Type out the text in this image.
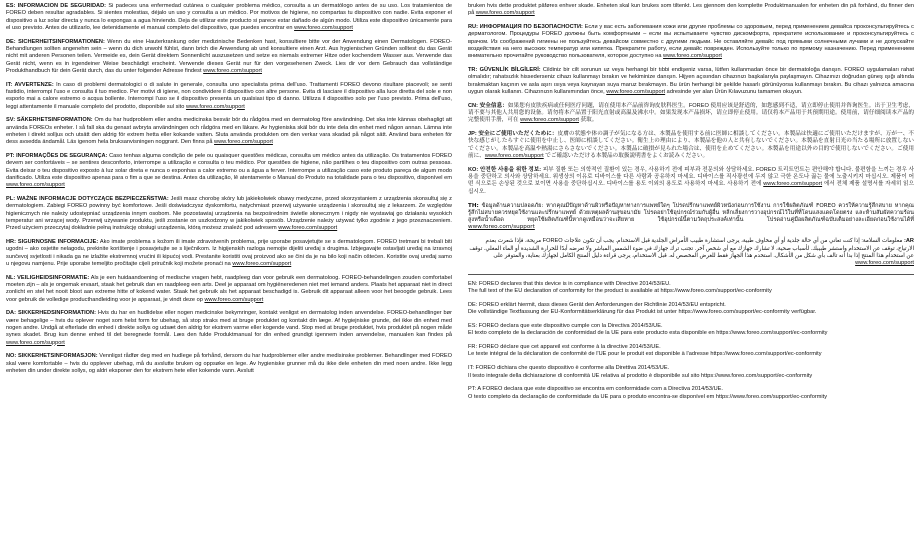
ES: INFORMACIÓN DE SEGURIDAD: Si padeces una enfermedad cutánea o cualquier problema médico, consulta a un dermatólogo antes de su uso. Los tratamientos de FOREO deben resultar agradables. Si sientes molestias, déjalo un uso y consulta a un médico. Por motivos de higiene, no compartas tu dispositivo con nadie. Evita exponer el dispositivo a luz solar directa y nunca lo expongas a agua hirviendo. Deja de utilizar este producto si parece estar dañado de algún modo. Utiliza este dispositivo únicamente para el uso previsto. Antes de utilizarlo, lee detenidamente el manual completo del dispositivo, que puedes encontrar en www.foreo.com/support

DE: SICHERHEITSINFORMATIONEN: Wenn du eine Hauterkrankung oder medizinische Bedenken hast, konsultiere bitte vor der Anwendung einen Dermatologen. FOREO-Behandlungen sollten angenehm sein – wenn du dich unwohl fühlst, dann brich die Anwendung ab und konsultiere einen Arzt. Aus hygienischen Gründen solltest du das Gerät nicht mit anderen Personen teilen. Vermeide es, dein Gerät direktem Sonnenlicht auszusetzen und setze es niemals extremer Hitze oder kochendem Wasser aus. Verwende das Gerät nicht, wenn es in irgendeiner Weise beschädigt erscheint. Verwende dieses Gerät nur für den vorgesehenen Zweck. Lies dir vor dem Gebrauch das vollständige Produkthandbuch für dein Gerät durch, das du unter folgender Adresse findest www.foreo.com/support

IT: AVVERTENZE: In caso di problemi dermatologici o di salute in generale, consulta uno specialista prima dell'uso. Trattamenti FOREO devono risultare piacevoli; se senti fastidio, interrompi l'uso e consulta il tuo medico. Per motivi di igiene, non condividere il dispositivo con altre persone. Evita di lasciare il dispositivo alla luce diretta del sole e non esporlo mai a calore estremo o acqua bollente. Interrompi l'uso se il dispositivo presenta un qualsiasi tipo di danno. Utilizza il dispositivo solo per l'uso previsto. Prima dell'uso, leggi attentamente il manuale completo del prodotto, disponibile sul sito www.foreo.com/support

SV: SÄKERHETSINFORMATION: Om du har hudproblem eller andra medicinska besvär bör du rådgöra med en dermatolog före användning. Det ska inte kännas obehagligt att använda FOREOs enheter. I så fall ska du genast avbryta användningen och rådgöra med en läkare. Av hygieniska skäl bör du inte dela din enhet med någon annan. Lämna inte enheten i direkt solljus och utsätt den aldrig för extrem hetta eller kokande vatten. Sluta använda produkten om den verkar vara skadad på något sätt. Använd bara enheten för dess avsedda ändamål. Läs igenom hela bruksanvisningen noggrant. Den finns på www.foreo.com/support

PT: INFORMAÇÕES DE SEGURANÇA: Caso tenhas alguma condição de pele ou quaisquer questões médicas, consulta um médico antes da utilização. Os tratamentos FOREO devem ser confortáveis – se sentires desconforto, interrompe a utilização e consulta o teu médico. Por questões de higiene, não partilhes o teu dispositivo com outras pessoas. Evita deixar o teu dispositivo exposto à luz solar direta e nunca o exponhas a calor extremo ou a água a ferver. Interrompe a utilização caso este produto pareça de algum modo danificado. Utiliza este dispositivo apenas para o fim a que se destina. Antes da utilização, lê atentamente o Manual do Produto na totalidade para o teu dispositivo, disponível em www.foreo.com/support

PL: WAŻNE INFORMACJE DOTYCZĄCE BEZPIECZEŃSTWA: Jeśli masz chorobę skóry lub jakiekolwiek obawy medyczne, przed skorzystaniem z urządzenia skonsultuj się z dermatologiem. Zabiegi FOREO powinny być komfortowe. Jeśli doświadczysz dyskomfortu, natychmiast przerwij używanie urządzenia i skonsultuj się z lekarzem. Ze względów higienicznych nie należy udostępniać urządzenia innym osobom. Nie pozostawiaj urządzenia na bezpośrednim świetle słonecznym i nigdy nie wystawiaj go działaniu wysokich temperatur ani wrzącej wody. Przerwij używanie produktu, jeśli zostanie on uszkodzony w jakikolwiek sposób. Urządzenie należy używać tylko zgodnie z jego przeznaczeniem. Przed użyciem przeczytaj dokładnie pełną instrukcję obsługi urządzenia, którą możesz znaleźć pod adresem www.foreo.com/support

HR: SIGURNOSNE INFORMACIJE: Ako imate problema s kožom ili imate zdravstvenih problema, prije uporabe posavjetujte se s dermatologom. FOREO tretmani bi trebali biti ugodni – ako osjetite nelagodu, prekinite korištenje i posavjetujte se s liječnikom. Iz higijenskih razloga nemojte dijeliti uređaj s drugima. Izbjegavajte ostavljati uređaj na izravnoj sunčevoj svjetlosti i nikada ga ne izlažite ekstremnoj vrućini ili kipućoj vodi. Prestanite koristiti ovaj proizvod ako se čini da je na bilo koji način oštećen. Koristite ovaj uređaj samo u njegovu namjenu. Prije uporabe temeljito pročitajte cijeli priručnik koji možete pronaći na www.foreo.com/support

NL: VEILIGHEIDSINFORMATIE: Als je een huidaandoening of medische vragen hebt, raadpleeg dan voor gebruik een dermatoloog. FOREO-behandelingen zouden comfortabel moeten zijn – als je ongemak ervaart, staak het gebruik dan en raadpleeg een arts. Deel je apparaat om hygiëneredenen niet met iemand anders. Plaats het apparaat niet in direct zonlicht en stel het nooit bloot aan extreme hitte of kokend water. Staak het gebruik als het apparaat beschadigd is. Gebruik dit apparaat alleen voor het beoogde gebruik. Lees voor gebruik de volledige producthandleiding voor je apparaat, je vindt deze op www.foreo.com/support

DA: SIKKERHEDSINFORMATION: Hvis du har en hudlidelse eller nogen medicinske bekymringer, kontakt venligst en dermatolog inden anvendelse. FOREO-behandlinger bør være behagelige – hvis du oplever noget som helst form for ubehag, så stop straks med at bruge produktet og kontakt din læge. Af hygiejniske grunde, del ikke din enhed med nogen andre. Undgå at efterlade din enhed i direkte sollys og udsæt den aldrig for ekstrem varme eller kogende vand. Stop med at bruge produktet, hvis produktet på nogen måde synes skadet. Brug kun denne enhed til det beregnede formål. Læs den fulde Produktmanual for din enhed grundigt igennem inden anvendelse, manualen kan findes på www.foreo.com/support

NO: SIKKERHETSINFORMASJON: Vennligst rådfør deg med en hudlege på forhånd, dersom du har hudproblemer eller andre medisinske problemer. Behandlinger med FOREO skal være komfortable – hvis du opplever ubehag, må du avslutte bruken og oppsøke en lege. Av hygieniske grunner må du ikke dele enheten din med noen andre. Ikke legg enheten din under direkte sollys, og aldri eksponer den for ekstrem hete eller kokende vann. Avslutt

bruken hvis dette produktet påføres enhver skade. Enheten skal kun brukes som tiltenkt. Les gjennom den komplette Produktmanualen for enheten din på forhånd, du finner den på www.foreo.com/support

RU: ИНФОРМАЦИЯ ПО БЕЗОПАСНОСТИ: Если у вас есть заболевания кожи или другие проблемы со здоровьем, перед применением девайса проконсультируйтесь с дерматологом. Процедуры FOREO должны быть комфортными – если вы испытываете чувство дискомфорта, прекратите использование и проконсультируйтесь с врачом. Из соображений гигиены не пользуйтесь девайсом совместно с другими людьми. Не оставляйте девайс под прямыми солнечными лучами и не допускайте воздействия на него высоких температур или кипятка. Прекратите работу, если девайс поврежден. Используйте только по прямому назначению. Перед применением внимательно прочитайте руководство пользователя, которое доступно на www.foreo.com/support

TR: GÜVENLİK BİLGİLERİ: Cildiniz bir cilt sorunun uz veya herhangi bir tıbbi endişeniz varsa, lütfen kullanmadan önce bir dermatoloğa danışın. FOREO uygulamaları rahat olmalıdır; rahatsızlık hissederseniz cihazı kullanmayı bırakın ve hekiminize danışın. Hijyen açısından cihazınızı başkalarıyla paylaşmayın. Cihazınızı doğrudan güneş ışığı altında bırakmaktan kaçının ve asla aşırı ısıya veya kaynayan suya maruz bırakmayın. Bu ürün herhangi bir şekilde hasarlı görünüyorsa kullanmayı bırakın. Bu cihazı yalnızca amacına uygun olarak kullanın. Cihazınızın kullanımından önce, www.foreo.com/support adresinde yer alan Ürün Kılavuzunu tamamen okuyun.

CN: 安全信息：如果您有皮肤疾病或任何医疗问题，请在使用本产品前咨询皮肤科医生。FOREO 使用应该是舒适的，如您感到不适，请立即停止使用并咨询医生。出于卫生考虑，请不要与其他人共用您的设备。请勿将本产品置于阳光直射或高温及沸水中。如果发现本产品损坏，请立即停止使用。请仅将本产品用于其预期用途。使用前，请仔细阅读本产品的完整使用手册，可在 www.foreo.com/support 获取。

JP: 安全にご使用いただくために：皮膚の状態や体の調子が気になる方は、本製品を使用する前に医師に相談してください。本製品は快適にご使用いただけますが、万が一、不快な感じがしたらすぐに使用を中止し、医師に相談してください。衛生上の理由により、本製品を他の人と共有しないでください。本製品を直射日光の当たる場所に放置しないでください。本製品を高温や熱湯にさらさないでください。本製品に破損が見られた場合は、使用を止めてください。本製品を用途以外の目的で使用しないでください。ご使用前に、www.foreo.com/support でご確認いただける本製品の取扱説明書をよくお読みください。

KO: 안전한 사용을 위한 정보: 피부 질환 또는 의학적인 질환이 있는 경우, 사용하기 전에 피부과 전문의와 상담하세요. FOREO 트리트먼트는 편안해야 합니다. 불편함을 느끼는 경우 사용을 중단하고 의사와 상담하세요. 위생상의 이유로 디바이스를 다른 사람과 공유하지 마세요. 디바이스를 직사광선에 두지 않고 극한 온도나 끓는 물에 노출시키지 마십시오. 제품이 어떤 식으로든 손상된 것으로 보이면 사용을 중단하십시오. 디바이스를 용도 이외의 용도로 사용하지 마세요. 사용하기 전에 www.foreo.com/support 에서 전체 제품 설명서를 자세히 읽으십시오.

TH: ข้อมูลด้านความปลอดภัย: หากคุณมีปัญหาด้านผิวหรือปัญหาทางการแพทย์ใดๆ โปรดปรึกษาแพทย์ผิวหนังก่อนการใช้งาน การใช้ผลิตภัณฑ์ FOREO ควรให้ความรู้สึกสบาย หากคุณรู้สึกไม่สบายควรหยุดใช้งานและปรึกษาแพทย์ ด้วยเหตุผลด้านสุขอนามัย โปรดอย่าใช้อุปกรณ์ร่วมกับผู้อื่น หลีกเลี่ยงการวางอุปกรณ์ไว้ในที่ที่โดนแสงแดดโดยตรง และห้ามสัมผัสความร้อนสูงหรือน้ำเดือด หยุดใช้ผลิตภัณฑ์นี้หากดูเหมือนว่าจะเสียหาย ใช้อุปกรณ์นี้ตามวัตถุประสงค์เท่านั้น โปรดอ่านคู่มือผลิตภัณฑ์ฉบับเต็มอย่างละเอียดก่อนใช้งานได้ที่ www.foreo.com/support

AR: معلومات السلامة: إذا كنت تعاني من أي حالة جلدية أو أي مخاوف طبية، يرجى استشارة طبيب الأمراض الجلدية قبل الاستخدام. يجب أن تكون علاجات FOREO مريحة، فإذا شعرت بعدم الارتياح، توقف عن الاستخدام واستشر طبيبك. لأسباب صحية، لا تشارك جهازك مع أي شخص آخر. تجنب ترك جهازك في ضوء الشمس المباشر ولا تعرضه أبدًا للحرارة الشديدة أو الماء المغلي. توقف عن استخدام هذا المنتج إذا بدا أنه تالف بأي شكل من الأشكال. استخدم هذا الجهاز فقط للغرض المخصص له. قبل الاستخدام، يرجى قراءة دليل المنتج الكامل لجهازك بعناية، والمتوفر على www.foreo.com/support

EN: FOREO declares that this device is in compliance with Directive 2014/53/EU.
The full text of the EU declaration of conformity for the product is available at https://www.foreo.com/support/ec-conformity

DE: FOREO erklärt hiermit, dass dieses Gerät den Anforderungen der Richtlinie 2014/53/EU entspricht.
Die vollständige Textfassung der EU-Konformitätserklärung für das Produkt ist unter https://www.foreo.com/support/ec-conformity verfügbar.

ES: FOREO declara que este dispositivo cumple con la Directiva 2014/53/UE.
El texto completo de la declaración de conformidad de la UE para este producto esta disponible en https://www.foreo.com/support/ec-conformity

FR: FOREO déclare que cet appareil est conforme à la directive 2014/53/UE.
Le texte intégral de la déclaration de conformité de l'UE pour le produit est disponible à l'adresse https://www.foreo.com/support/ec-conformity

IT: FOREO dichiara che questo dispositivo è conforme alla Direttiva 2014/53/UE.
Il testo integrale della dichiarazione di conformità UE relativa al prodotto è disponibile sul sito https://www.foreo.com/support/ec-conformity

PT: A FOREO declara que este dispositivo se encontra em conformidade com a Directiva 2014/53/UE.
O texto completo da declaração de conformidade da UE para o produto encontra-se disponível em https://www.foreo.com/support/ec-conformity
